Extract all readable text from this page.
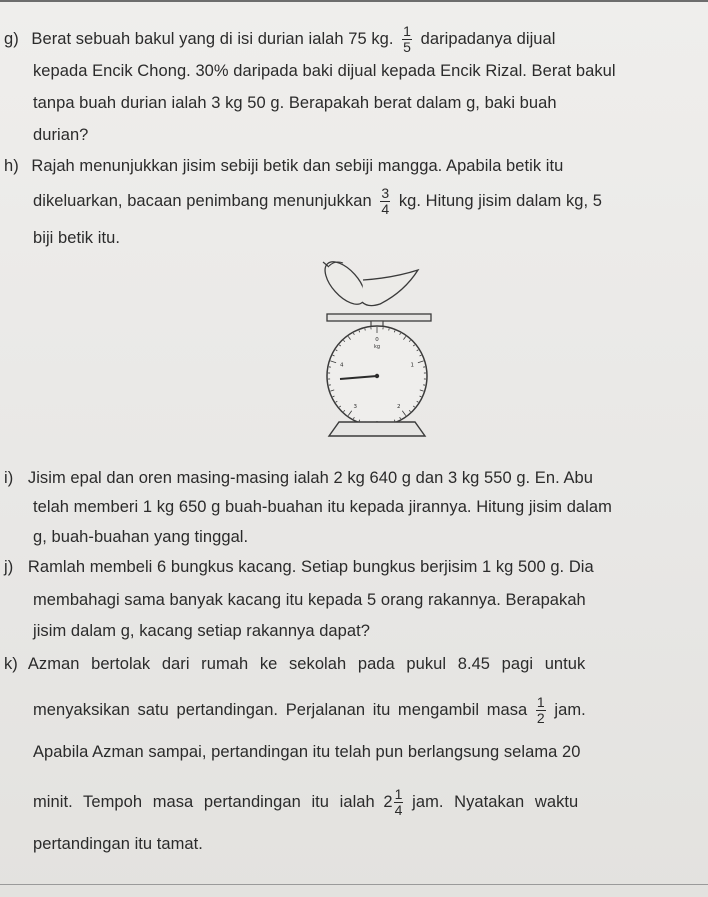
g) Berat sebuah bakul yang di isi durian ialah 75 kg. $\frac{1}{5}$ daripadanya dijual
kepada Encik Chong. 30% daripada baki dijual kepada Encik Rizal. Berat bakul
tanpa buah durian ialah 3 kg 50 g. Berapakah berat dalam g, baki buah
durian?
h) Rajah menunjukkan jisim sebiji betik dan sebiji mangga. Apabila betik itu
dikeluarkan, bacaan penimbang menunjukkan $\frac{3}{4}$ kg. Hitung jisim dalam kg, 5
biji betik itu.
0
1
2
3
4
kg
i) Jisim epal dan oren masing-masing ialah 2 kg 640 g dan 3 kg 550 g. En. Abu
telah memberi 1 kg 650 g buah-buahan itu kepada jirannya. Hitung jisim dalam
g, buah-buahan yang tinggal.
j) Ramlah membeli 6 bungkus kacang. Setiap bungkus berjisim 1 kg 500 g. Dia
membahagi sama banyak kacang itu kepada 5 orang rakannya. Berapakah
jisim dalam g, kacang setiap rakannya dapat?
k) Azman bertolak dari rumah ke sekolah pada pukul 8.45 pagi untuk
menyaksikan satu pertandingan. Perjalanan itu mengambil masa $\frac{1}{2}$ jam.
Apabila Azman sampai, pertandingan itu telah pun berlangsung selama 20
minit. Tempoh masa pertandingan itu ialah $2 \frac{1}{4}$ jam. Nyatakan waktu
pertandingan itu tamat.
